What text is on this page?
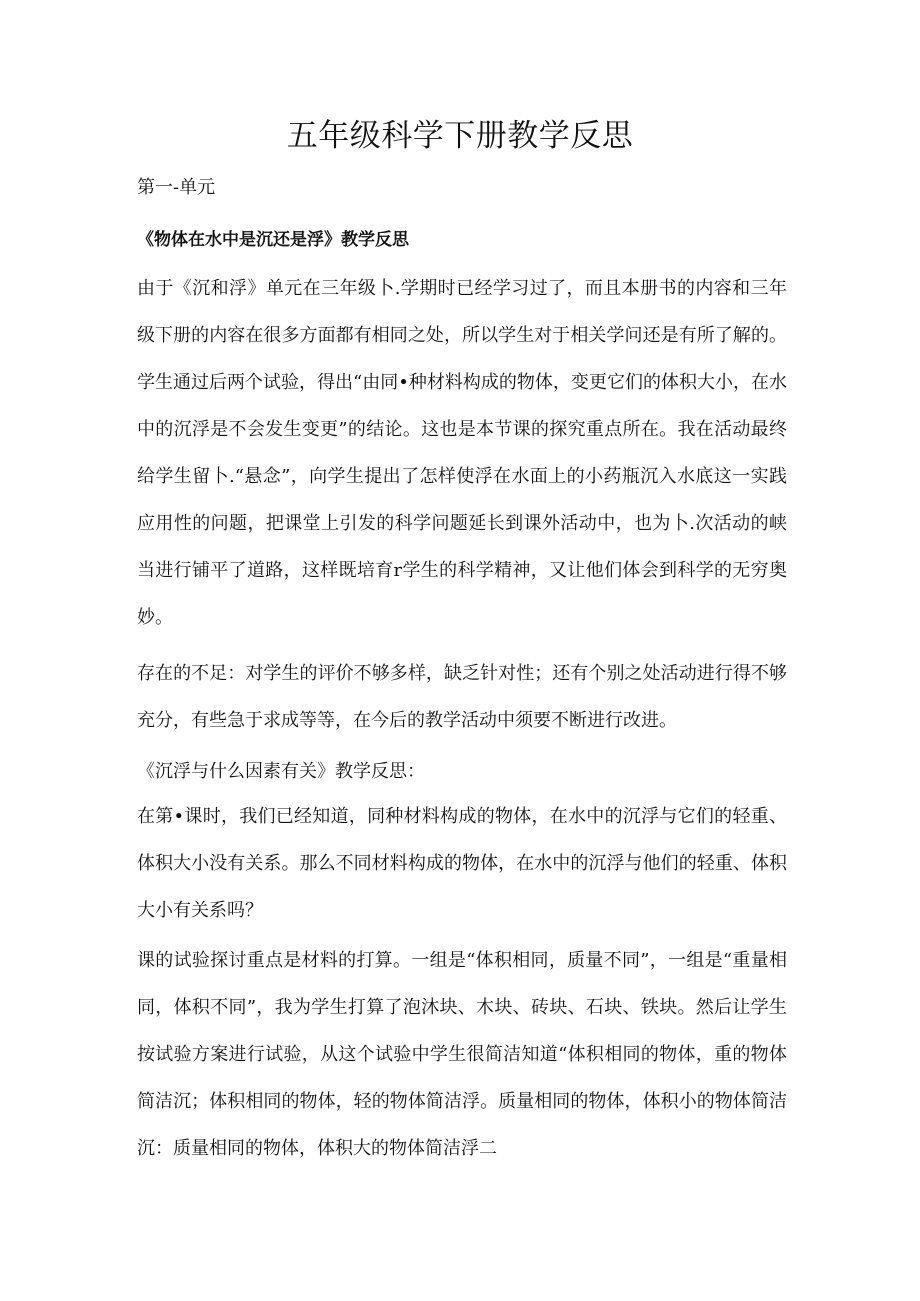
五年级科学下册教学反思

第一-单元

《物体在水中是沉还是浮》教学反思

由于《沉和浮》单元在三年级卜.学期时已经学习过了，而且本册书的内容和三年级下册的内容在很多方面都有相同之处，所以学生对于相关学问还是有所了解的。学生通过后两个试验，得出“由同•种材料构成的物体，变更它们的体积大小，在水中的沉浮是不会发生变更”的结论。这也是本节课的探究重点所在。我在活动最终给学生留卜.“悬念”，向学生提出了怎样使浮在水面上的小药瓶沉入水底这一实践应用性的问题，把课堂上引发的科学问题延长到课外活动中，也为卜.次活动的峡当进行铺平了道路，这样既培育r学生的科学精神，又让他们体会到科学的无穷奥妙。

存在的不足：对学生的评价不够多样，缺乏针对性；还有个别之处活动进行得不够充分，有些急于求成等等，在今后的教学活动中须要不断进行改进。

《沉浮与什么因素有关》教学反思：

在第•课时，我们已经知道，同种材料构成的物体，在水中的沉浮与它们的轻重、体积大小没有关系。那么不同材料构成的物体，在水中的沉浮与他们的轻重、体积大小有关系吗？

课的试验探讨重点是材料的打算。一组是“体积相同，质量不同”，一组是“重量相同，体积不同”，我为学生打算了泡沐块、木块、砖块、石块、铁块。然后让学生按试验方案进行试验，从这个试验中学生很简洁知道“体积相同的物体，重的物体简洁沉；体积相同的物体，轻的物体简洁浮。质量相同的物体，体积小的物体简洁沉：质量相同的物体，体积大的物体简洁浮二
